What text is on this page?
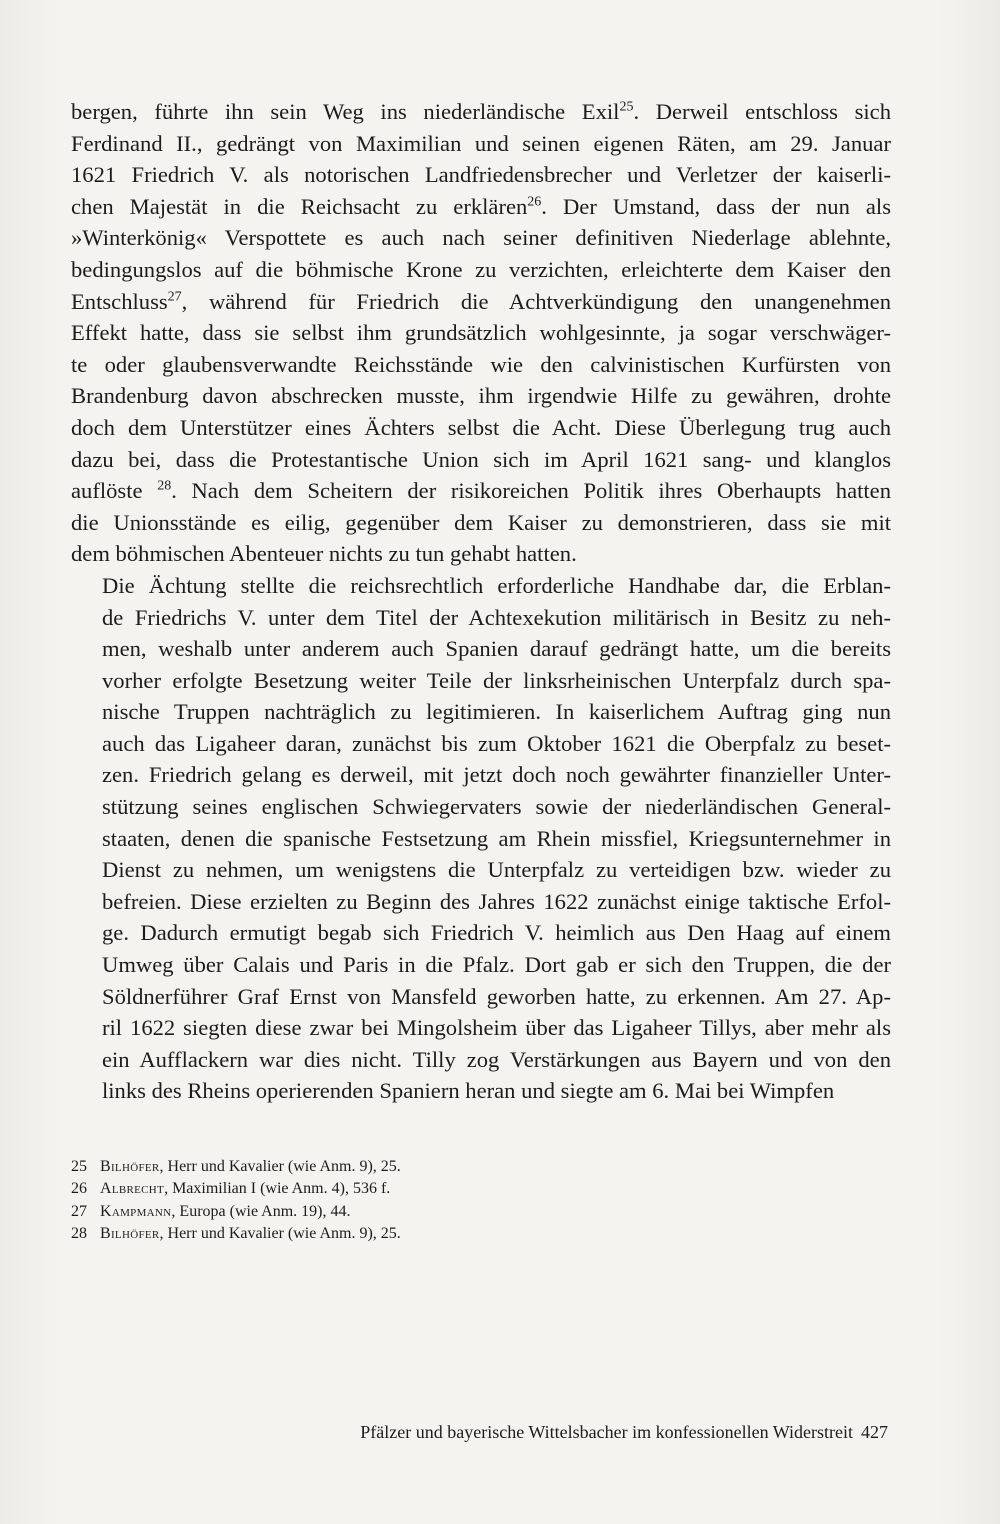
bergen, führte ihn sein Weg ins niederländische Exil$^{25}$. Derweil entschloss sich
Ferdinand II., gedrängt von Maximilian und seinen eigenen Räten, am 29. Januar
1621 Friedrich V. als notorischen Landfriedensbrecher und Verletzer der kaiserli-
chen Majestät in die Reichsacht zu erklären$^{26}$. Der Umstand, dass der nun als
»Winterkönig« Verspottete es auch nach seiner definitiven Niederlage ablehnte,
bedingungslos auf die böhmische Krone zu verzichten, erleichterte dem Kaiser den
Entschluss$^{27}$, während für Friedrich die Achtverkündigung den unangenehmen
Effekt hatte, dass sie selbst ihm grundsätzlich wohlgesinnte, ja sogar verschwäger-
te oder glaubensverwandte Reichsstände wie den calvinistischen Kurfürsten von
Brandenburg davon abschrecken musste, ihm irgendwie Hilfe zu gewähren, drohte
doch dem Unterstützer eines Ächters selbst die Acht. Diese Überlegung trug auch
dazu bei, dass die Protestantische Union sich im April 1621 sang- und klanglos
auflöste $^{28}$. Nach dem Scheitern der risikoreichen Politik ihres Oberhaupts hatten
die Unionsstände es eilig, gegenüber dem Kaiser zu demonstrieren, dass sie mit
dem böhmischen Abenteuer nichts zu tun gehabt hatten.
Die Ächtung stellte die reichsrechtlich erforderliche Handhabe dar, die Erblan-
de Friedrichs V. unter dem Titel der Achtexekution militärisch in Besitz zu neh-
men, weshalb unter anderem auch Spanien darauf gedrängt hatte, um die bereits
vorher erfolgte Besetzung weiter Teile der linksrheinischen Unterpfalz durch spa-
nische Truppen nachträglich zu legitimieren. In kaiserlichem Auftrag ging nun
auch das Ligaheer daran, zunächst bis zum Oktober 1621 die Oberpfalz zu beset-
zen. Friedrich gelang es derweil, mit jetzt doch noch gewährter finanzieller Unter-
stützung seines englischen Schwiegervaters sowie der niederländischen General-
staaten, denen die spanische Festsetzung am Rhein missfiel, Kriegsunternehmer in
Dienst zu nehmen, um wenigstens die Unterpfalz zu verteidigen bzw. wieder zu
befreien. Diese erzielten zu Beginn des Jahres 1622 zunächst einige taktische Erfol-
ge. Dadurch ermutigt begab sich Friedrich V. heimlich aus Den Haag auf einem
Umweg über Calais und Paris in die Pfalz. Dort gab er sich den Truppen, die der
Söldnerführer Graf Ernst von Mansfeld geworben hatte, zu erkennen. Am 27. Ap-
ril 1622 siegten diese zwar bei Mingolsheim über das Ligaheer Tillys, aber mehr als
ein Aufflackern war dies nicht. Tilly zog Verstärkungen aus Bayern und von den
links des Rheins operierenden Spaniern heran und siegte am 6. Mai bei Wimpfen
25 Bilhöfer, Herr und Kavalier (wie Anm. 9), 25.
26 Albrecht, Maximilian I (wie Anm. 4), 536 f.
27 Kampmann, Europa (wie Anm. 19), 44.
28 Bilhöfer, Herr und Kavalier (wie Anm. 9), 25.
Pfälzer und bayerische Wittelsbacher im konfessionellen Widerstreit 427
